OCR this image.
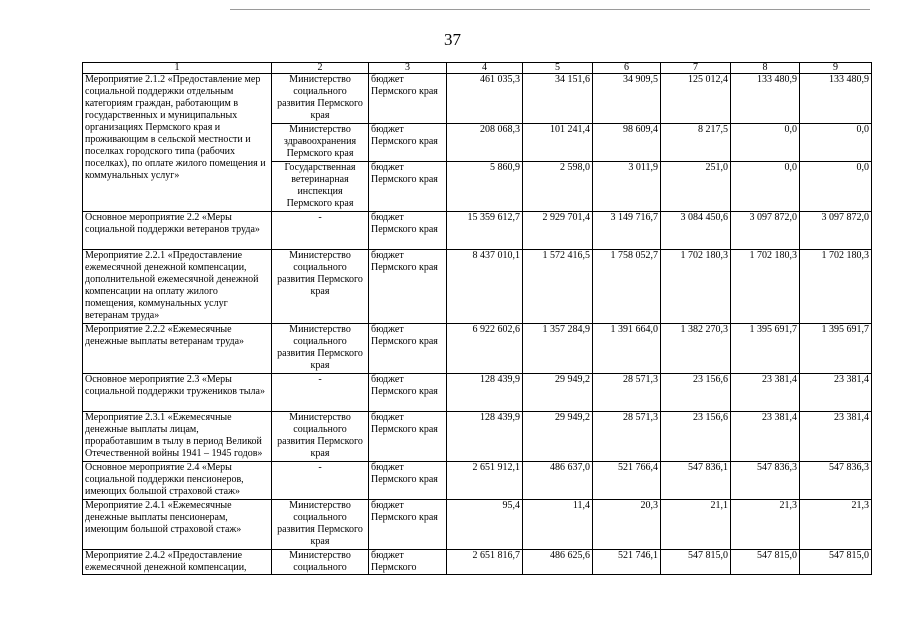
37
1	2	3	4	5	6	7	8	9
Мероприятие 2.1.2 «Предоставление мер социальной поддержки отдельным категориям граждан, работающим в государственных и муниципальных организациях Пермского края и проживающим в сельской местности и поселках городского типа (рабочих поселках), по оплате жилого помещения и коммунальных услуг»	Министерство социального развития Пермского края	бюджет Пермского края	461 035,3	34 151,6	34 909,5	125 012,4	133 480,9	133 480,9
	Министерство здравоохранения Пермского края	бюджет Пермского края	208 068,3	101 241,4	98 609,4	8 217,5	0,0	0,0
	Государственная ветеринарная инспекция Пермского края	бюджет Пермского края	5 860,9	2 598,0	3 011,9	251,0	0,0	0,0
Основное мероприятие 2.2 «Меры социальной поддержки ветеранов труда»	-	бюджет Пермского края	15 359 612,7	2 929 701,4	3 149 716,7	3 084 450,6	3 097 872,0	3 097 872,0
Мероприятие 2.2.1 «Предоставление ежемесячной денежной компенсации, дополнительной ежемесячной денежной компенсации на оплату жилого помещения, коммунальных услуг ветеранам труда»	Министерство социального развития Пермского края	бюджет Пермского края	8 437 010,1	1 572 416,5	1 758 052,7	1 702 180,3	1 702 180,3	1 702 180,3
Мероприятие 2.2.2 «Ежемесячные денежные выплаты ветеранам труда»	Министерство социального развития Пермского края	бюджет Пермского края	6 922 602,6	1 357 284,9	1 391 664,0	1 382 270,3	1 395 691,7	1 395 691,7
Основное мероприятие 2.3 «Меры социальной поддержки тружеников тыла»	-	бюджет Пермского края	128 439,9	29 949,2	28 571,3	23 156,6	23 381,4	23 381,4
Мероприятие 2.3.1 «Ежемесячные денежные выплаты лицам, проработавшим в тылу в период Великой Отечественной войны 1941 – 1945 годов»	Министерство социального развития Пермского края	бюджет Пермского края	128 439,9	29 949,2	28 571,3	23 156,6	23 381,4	23 381,4
Основное мероприятие 2.4 «Меры социальной поддержки пенсионеров, имеющих большой страховой стаж»	-	бюджет Пермского края	2 651 912,1	486 637,0	521 766,4	547 836,1	547 836,3	547 836,3
Мероприятие 2.4.1 «Ежемесячные денежные выплаты пенсионерам, имеющим большой страховой стаж»	Министерство социального развития Пермского края	бюджет Пермского края	95,4	11,4	20,3	21,1	21,3	21,3
Мероприятие 2.4.2 «Предоставление ежемесячной денежной компенсации,	Министерство социального	бюджет Пермского	2 651 816,7	486 625,6	521 746,1	547 815,0	547 815,0	547 815,0
